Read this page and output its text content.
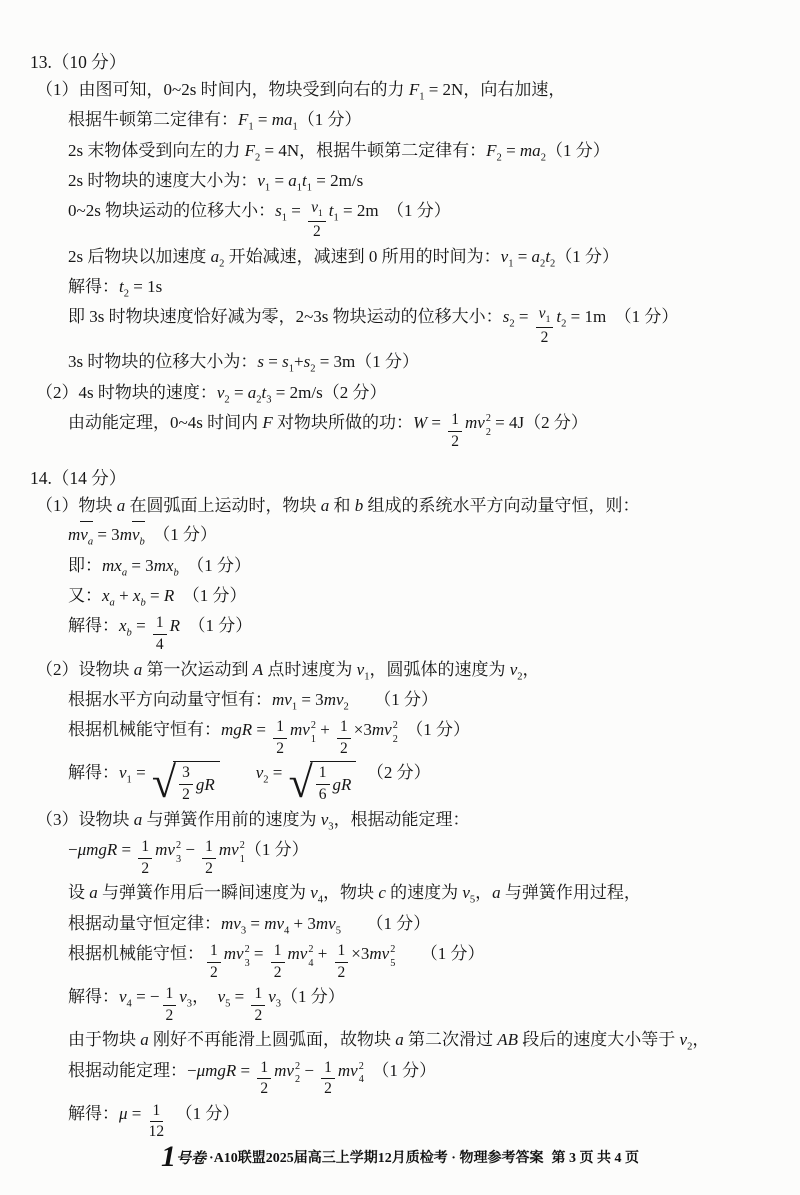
13.（10 分）
（1）由图可知，0~2s 时间内，物块受到向右的力 $F_1 = 2N$，向右加速，
根据牛顿第二定律有： $F_1 = ma_1$ （1 分）
2s 末物体受到向左的力 $F_2 = 4N$，根据牛顿第二定律有： $F_2 = ma_2$ （1 分）
2s 时物块的速度大小为： $v_1 = a_1$ $t_1 = 2m/s$
0~2s 物块运动的位移大小： $s_1 = \frac{v_1}{2} t_1 = 2m$　（1 分）
2s 后物块以加速度 $a_2$ 开始减速，减速到 0 所用的时间为： $v_1 = a_2$ $t_2$ （1 分）
解得： $t_2 = 1s$
即 3s 时物块速度恰好减为零，2~3s 物块运动的位移大小： $s_2 = \frac{v_1}{2} t_2 = 1m$　（1 分）
3s 时物块的位移大小为： $s = s_1 + s_2 = 3m(1$ 分）
（2）4s 时物块的速度： $v_2 = a_2$ $t_3 = 2m/s(2$ 分）
由动能定理，0~4s 时间内 F 对物块所做的功： $W = \frac{1}{2}$ mv 2
2
= 4J（2 分）
14.（14 分）
（1）物块 a 在圆弧面上运动时，物块 a 和 b 组成的系统水平方向动量守恒，则：
m $v_a = 3$ m $v_b$ 　（1 分）
即： $mx_a = 3$ $mx_b$ 　（1 分）
又： $x_a + x_b = R$ 　（1 分）
解得： $x_b = \frac{1}{4}$ R 　（1 分）
（2）设物块 a 第一次运动到 A 点时速度为 $v_1$ ，圆弧体的速度为 $v_2$ ，
根据水平方向动量守恒有： $mv_1 = 3$ $mv_2$ 　　（1 分）
根据机械能守恒有： mgR = $\frac{1}{2}$ mv 2
1
+ $\frac{1}{2} \times 3$ mv 2
2
　（1 分）
解得： $v_1$ = √ $\frac{3}{2}$ gR

$v_2$ = √ $\frac{1}{6}$ gR
　（2 分）
（3）设物块 a 与弹簧作用前的速度为 $v_3$ ，根据动能定理：
− $\mu mgR = \frac{1}{2}$ mv 2
3
− $\frac{1}{2}$ mv 2
1
（1 分）
设 a 与弹簧作用后一瞬间速度为 $v_4$ ，物块 c 的速度为 $v_5$ ， a 与弹簧作用过程，
根据动量守恒定律： $mv_3 = mv_4 + 3$ $mv_5$ 　　（1 分）
根据机械能守恒： $\frac{1}{2}$ mv 2
3
= $\frac{1}{2}$ mv 2
4
+ $\frac{1}{2} \times 3$ mv 2
5
　　（1 分）
解得： $v_4$ = − $\frac{1}{2} v_3$ ，　 $v_5 = \frac{1}{2} v_3$ （1 分）
由于物块 a 刚好不再能滑上圆弧面，故物块 a 第二次滑过 AB 段后的速度大小等于 $v_2$ ，
根据动能定理：− $\mu mgR = \frac{1}{2}$ mv 2
2
− $\frac{1}{2}$ mv 2
4
　（1 分）
解得： $\mu = \frac{1}{12}$ 　（1 分）
1 号卷 ·A10联盟2025届高三上学期12月质检考 · 物理参考答案 第 3 页 共 4 页
